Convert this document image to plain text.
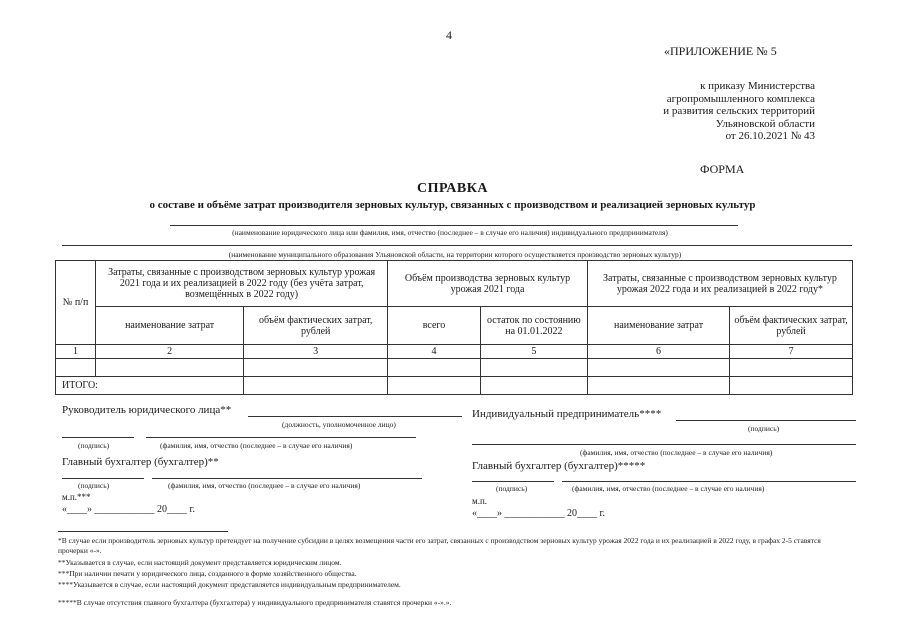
4
«ПРИЛОЖЕНИЕ № 5
к приказу Министерства
агропромышленного комплекса
и развития сельских территорий
Ульяновской области
от 26.10.2021 № 43
ФОРМА
СПРАВКА
о составе и объёме затрат производителя зерновых культур, связанных с производством и реализацией зерновых культур
(наименование юридического лица или фамилия, имя, отчество (последнее – в случае его наличия) индивидуального предпринимателя)
(наименование муниципального образования Ульяновской области, на территории которого осуществляется производство зерновых культур)
№ п/п	Затраты, связанные с производством зерновых культур урожая 2021 года и их реализацией в 2022 году (без учёта затрат, возмещённых в 2022 году)		Объём производства зерновых культур урожая 2021 года		Затраты, связанные с производством зерновых культур урожая 2022 года и их реализацией в 2022 году*	
	наименование затрат	объём фактических затрат, рублей	всего	остаток по состоянию на 01.01.2022	наименование затрат	объём фактических затрат, рублей
1	2	3	4	5	6	7

ИТОГО:						
Руководитель юридического лица**
(должность, уполномоченное лицо)
(подпись)	(фамилия, имя, отчество (последнее – в случае его наличия)
Главный бухгалтер (бухгалтер)**
(подпись)	(фамилия, имя, отчество (последнее – в случае его наличия)
м.п.***
«____» ____________ 20____ г.
Индивидуальный предприниматель****
(подпись)
(фамилия, имя, отчество (последнее – в случае его наличия)
Главный бухгалтер (бухгалтер)*****
(подпись)	(фамилия, имя, отчество (последнее – в случае его наличия)
м.п.
«____» ____________ 20____ г.
*В случае если производитель зерновых культур претендует на получение субсидии в целях возмещения части его затрат, связанных с производством зерновых культур урожая 2022 года и их реализацией в 2022 году, в графах 2-5 ставятся прочерки «-».
**Указывается в случае, если настоящий документ представляется юридическим лицом.
***При наличии печати у юридического лица, созданного в форме хозяйственного общества.
****Указывается в случае, если настоящий документ представляется индивидуальным предпринимателем.
*****В случае отсутствия главного бухгалтера (бухгалтера) у индивидуального предпринимателя ставятся прочерки «-».».
